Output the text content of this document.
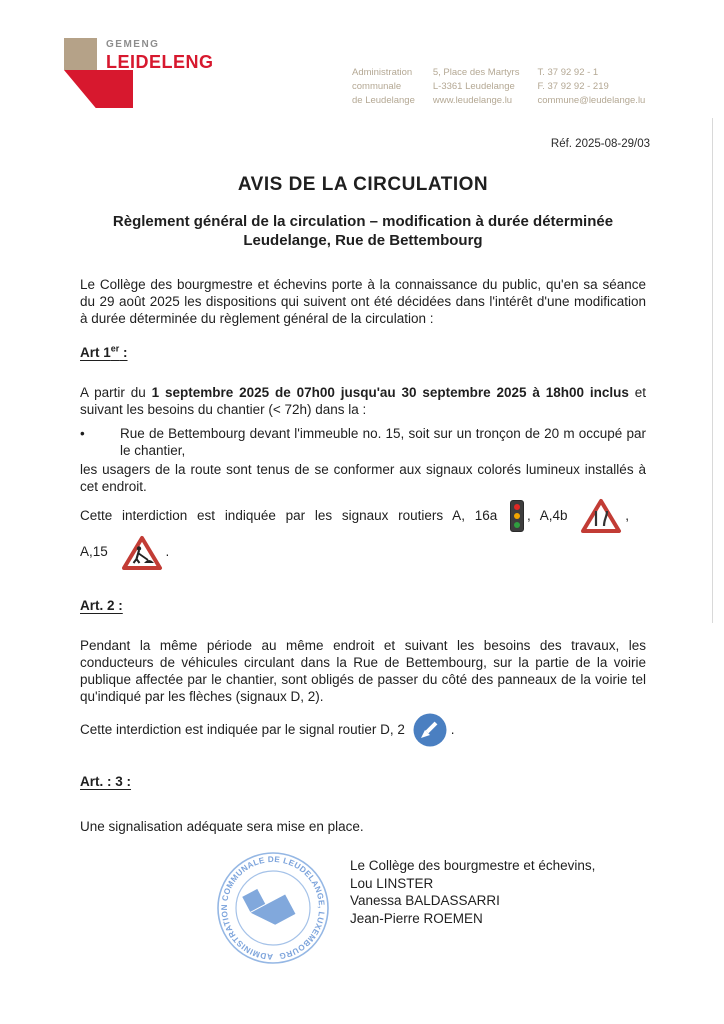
GEMENG
LEIDELENG
Administration
communale
de Leudelange
5, Place des Martyrs
L-3361 Leudelange
www.leudelange.lu
T. 37 92 92 - 1
F. 37 92 92 - 219
commune@leudelange.lu
Réf. 2025-08-29/03
AVIS DE LA CIRCULATION
Règlement général de la circulation – modification à durée déterminée
Leudelange, Rue de Bettembourg
Le Collège des bourgmestre et échevins porte à la connaissance du public, qu'en sa séance du 29 août 2025 les dispositions qui suivent ont été décidées dans l'intérêt d'une modification à durée déterminée du règlement général de la circulation :
Art 1er :
A partir du 1 septembre 2025 de 07h00 jusqu'au 30 septembre 2025 à 18h00 inclus et suivant les besoins du chantier (< 72h) dans la :
•	Rue de Bettembourg devant l'immeuble no. 15, soit sur un tronçon de 20 m occupé par le chantier,
les usagers de la route sont tenus de se conformer aux signaux colorés lumineux installés à cet endroit.
Cette interdiction est indiquée par les signaux routiers A, 16a , A,4b	,
A,15	.
Art. 2 :
Pendant la même période au même endroit et suivant les besoins des travaux, les conducteurs de véhicules circulant dans la Rue de Bettembourg, sur la partie de la voirie publique affectée par le chantier, sont obligés de passer du côté des panneaux de la voirie tel qu'indiqué par les flèches (signaux D, 2).
Cette interdiction est indiquée par le signal routier D, 2	.
Art. : 3 :
Une signalisation adéquate sera mise en place.
ADMINISTRATION COMMUNALE DE LEUDELANGE, LUXEMBOURG
Le Collège des bourgmestre et échevins,
Lou LINSTER
Vanessa BALDASSARRI
Jean-Pierre ROEMEN
